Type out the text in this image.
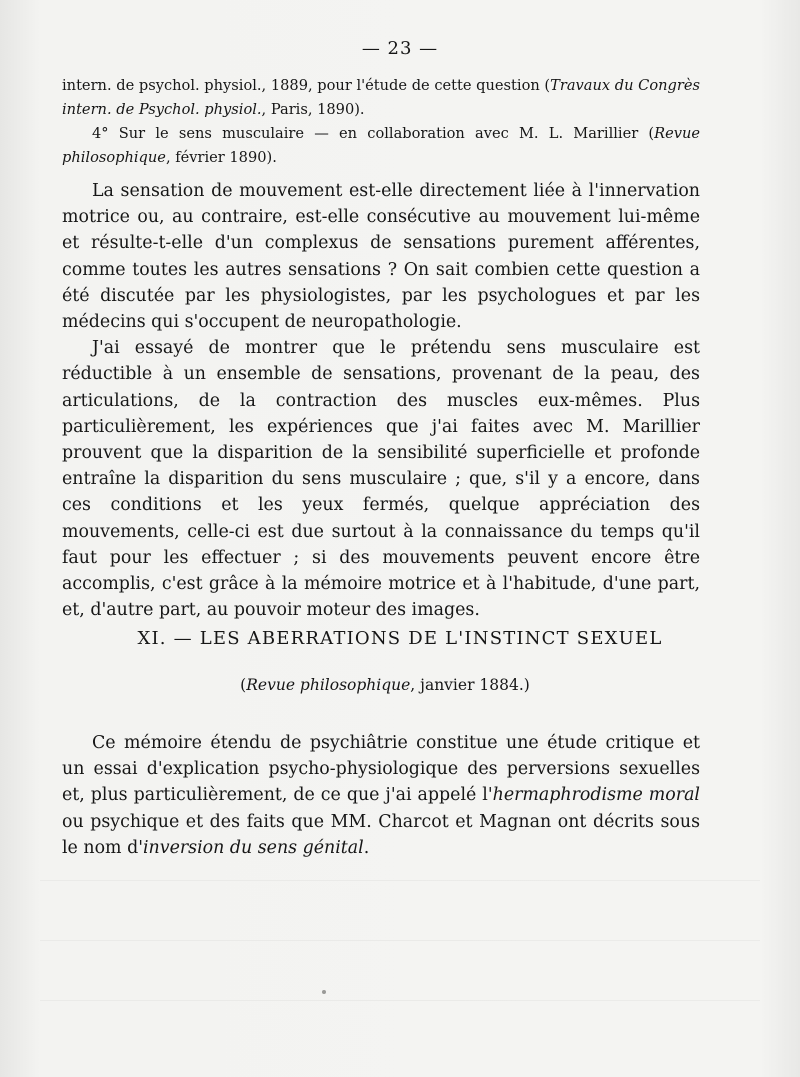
— 23 —

intern. de psychol. physiol., 1889, pour l'étude de cette question (Travaux du Congrès intern. de Psychol. physiol., Paris, 1890).

4° Sur le sens musculaire — en collaboration avec M. L. Marillier (Revue philosophique, février 1890).

La sensation de mouvement est-elle directement liée à l'innervation motrice ou, au contraire, est-elle consécutive au mouvement lui-même et résulte-t-elle d'un complexus de sensations purement afférentes, comme toutes les autres sensations ? On sait combien cette question a été discutée par les physiologistes, par les psychologues et par les médecins qui s'occupent de neuropathologie.

J'ai essayé de montrer que le prétendu sens musculaire est réductible à un ensemble de sensations, provenant de la peau, des articulations, de la contraction des muscles eux-mêmes. Plus particulièrement, les expériences que j'ai faites avec M. Marillier prouvent que la disparition de la sensibilité superficielle et profonde entraîne la disparition du sens musculaire ; que, s'il y a encore, dans ces conditions et les yeux fermés, quelque appréciation des mouvements, celle-ci est due surtout à la connaissance du temps qu'il faut pour les effectuer ; si des mouvements peuvent encore être accomplis, c'est grâce à la mémoire motrice et à l'habitude, d'une part, et, d'autre part, au pouvoir moteur des images.

XI. — LES ABERRATIONS DE L'INSTINCT SEXUEL
(Revue philosophique, janvier 1884.)

Ce mémoire étendu de psychiâtrie constitue une étude critique et un essai d'explication psycho-physiologique des perversions sexuelles et, plus particulièrement, de ce que j'ai appelé l'hermaphrodisme moral ou psychique et des faits que MM. Charcot et Magnan ont décrits sous le nom d'inversion du sens génital.
